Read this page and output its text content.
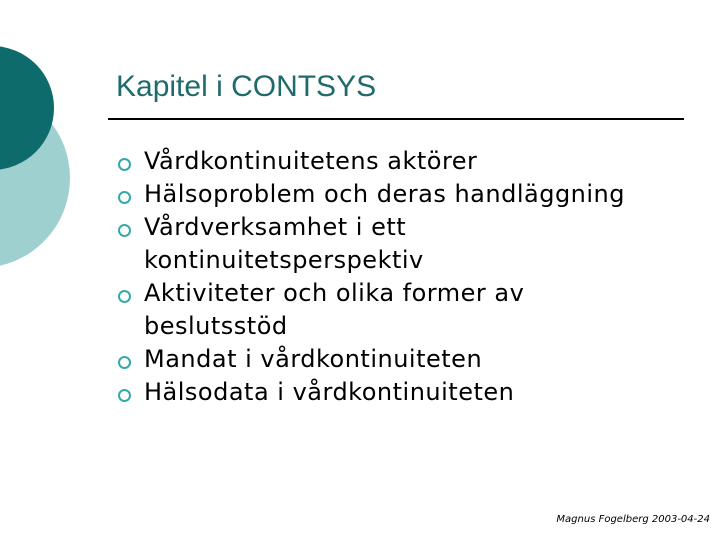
Kapitel i CONTSYS
Vårdkontinuitetens aktörer
Hälsoproblem och deras handläggning
Vårdverksamhet i ett kontinuitetsperspektiv
Aktiviteter och olika former av beslutsstöd
Mandat i vårdkontinuiteten
Hälsodata i vårdkontinuiteten
Magnus Fogelberg 2003-04-24
